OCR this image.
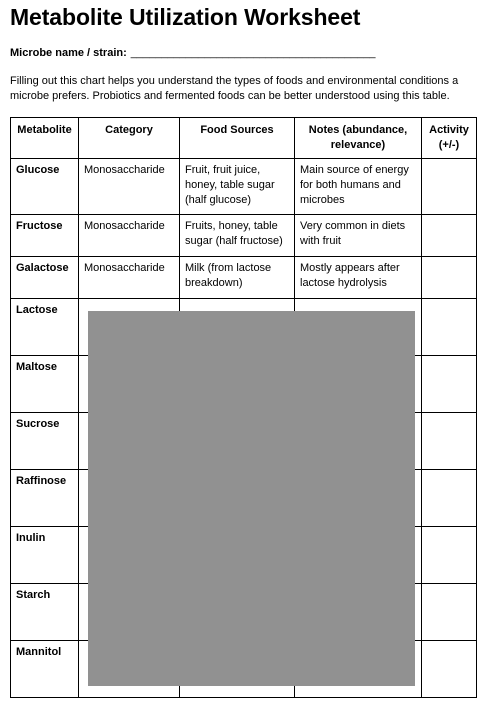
Metabolite Utilization Worksheet
Microbe name / strain: ________________________________________
Filling out this chart helps you understand the types of foods and environmental conditions a microbe prefers. Probiotics and fermented foods can be better understood using this table.
Metabolite	Category	Food Sources	Notes (abundance, relevance)	Activity (+/-)
Glucose	Monosaccharide	Fruit, fruit juice, honey, table sugar (half glucose)	Main source of energy for both humans and microbes	
Fructose	Monosaccharide	Fruits, honey, table sugar (half fructose)	Very common in diets with fruit	
Galactose	Monosaccharide	Milk (from lactose breakdown)	Mostly appears after lactose hydrolysis	
Lactose				
Maltose				
Sucrose				
Raffinose				
Inulin				
Starch				
Mannitol				
